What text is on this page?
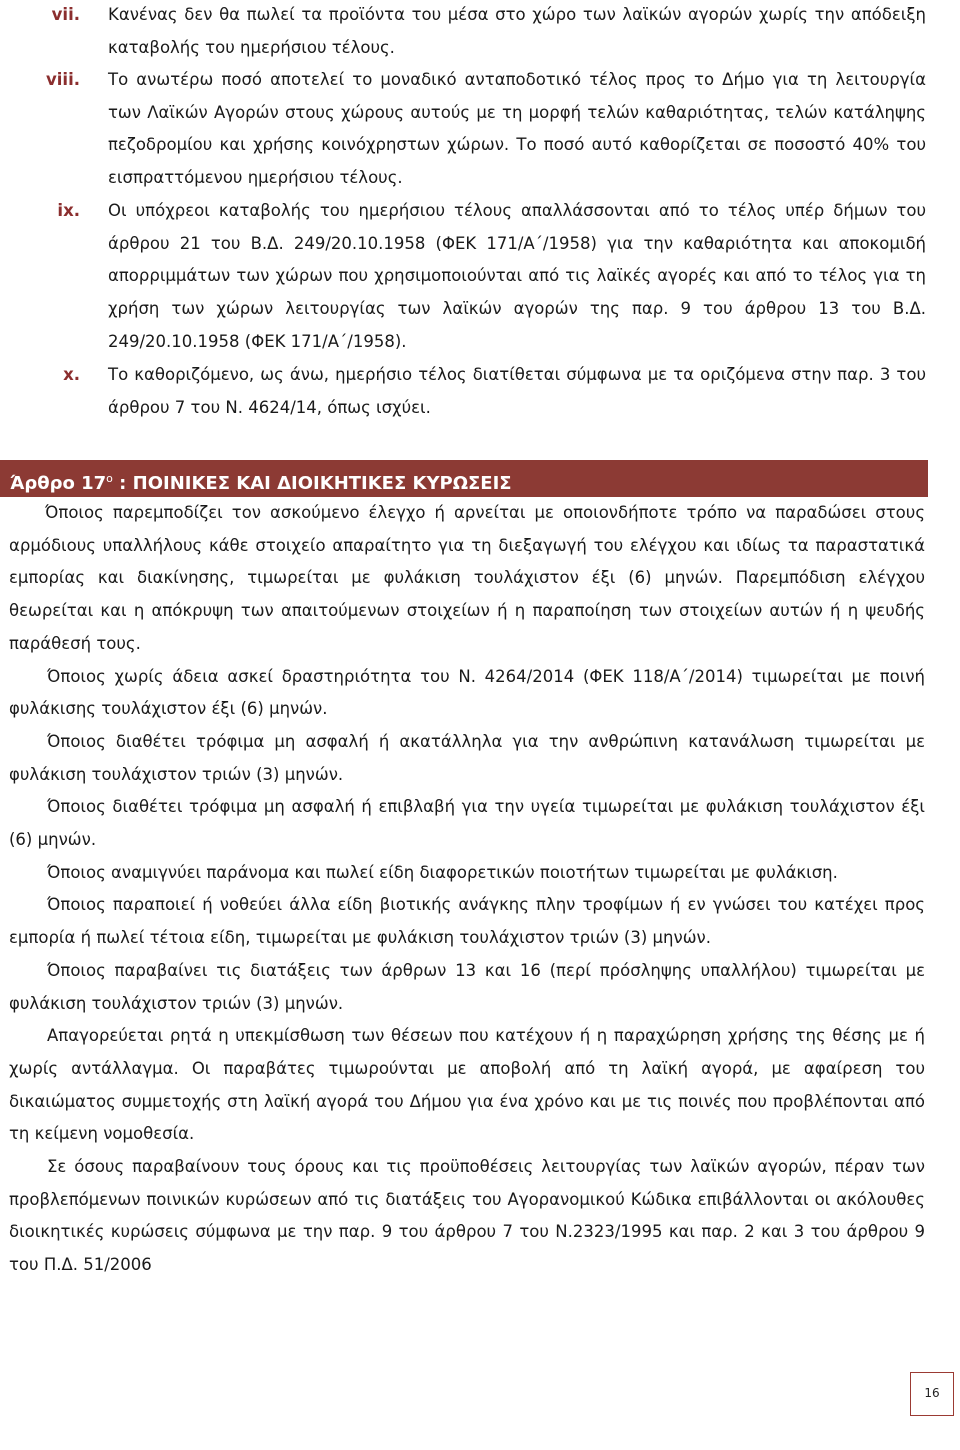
vii. Κανένας δεν θα πωλεί τα προϊόντα του μέσα στο χώρο των λαϊκών αγορών χωρίς την απόδειξη καταβολής του ημερήσιου τέλους.
viii. Το ανωτέρω ποσό αποτελεί το μοναδικό ανταποδοτικό τέλος προς το Δήμο για τη λειτουργία των Λαϊκών Αγορών στους χώρους αυτούς με τη μορφή τελών καθαριότητας, τελών κατάληψης πεζοδρομίου και χρήσης κοινόχρηστων χώρων. Το ποσό αυτό καθορίζεται σε ποσοστό 40% του εισπραττόμενου ημερήσιου τέλους.
ix. Οι υπόχρεοι καταβολής του ημερήσιου τέλους απαλλάσσονται από το τέλος υπέρ δήμων του άρθρου 21 του Β.Δ. 249/20.10.1958 (ΦΕΚ 171/Α΄/1958) για την καθαριότητα και αποκομιδή απορριμμάτων των χώρων που χρησιμοποιούνται από τις λαϊκές αγορές και από το τέλος για τη χρήση των χώρων λειτουργίας των λαϊκών αγορών της παρ. 9 του άρθρου 13 του Β.Δ. 249/20.10.1958 (ΦΕΚ 171/Α΄/1958).
x. Το καθοριζόμενο, ως άνω, ημερήσιο τέλος διατίθεται σύμφωνα με τα οριζόμενα στην παρ. 3 του άρθρου 7 του Ν. 4624/14, όπως ισχύει.
Άρθρο $17^o$ : ΠΟΙΝΙΚΕΣ ΚΑΙ ΔΙΟΙΚΗΤΙΚΕΣ ΚΥΡΩΣΕΙΣ

Όποιος παρεμποδίζει τον ασκούμενο έλεγχο ή αρνείται με οποιονδήποτε τρόπο να παραδώσει στους αρμόδιους υπαλλήλους κάθε στοιχείο απαραίτητο για τη διεξαγωγή του ελέγχου και ιδίως τα παραστατικά εμπορίας και διακίνησης, τιμωρείται με φυλάκιση τουλάχιστον έξι (6) μηνών. Παρεμπόδιση ελέγχου θεωρείται και η απόκρυψη των απαιτούμενων στοιχείων ή η παραποίηση των στοιχείων αυτών ή η ψευδής παράθεσή τους.

Όποιος χωρίς άδεια ασκεί δραστηριότητα του Ν. 4264/2014 (ΦΕΚ 118/Α΄/2014) τιμωρείται με ποινή φυλάκισης τουλάχιστον έξι (6) μηνών.

Όποιος διαθέτει τρόφιμα μη ασφαλή ή ακατάλληλα για την ανθρώπινη κατανάλωση τιμωρείται με φυλάκιση τουλάχιστον τριών (3) μηνών.

Όποιος διαθέτει τρόφιμα μη ασφαλή ή επιβλαβή για την υγεία τιμωρείται με φυλάκιση τουλάχιστον έξι (6) μηνών.

Όποιος αναμιγνύει παράνομα και πωλεί είδη διαφορετικών ποιοτήτων τιμωρείται με φυλάκιση.

Όποιος παραποιεί ή νοθεύει άλλα είδη βιοτικής ανάγκης πλην τροφίμων ή εν γνώσει του κατέχει προς εμπορία ή πωλεί τέτοια είδη, τιμωρείται με φυλάκιση τουλάχιστον τριών (3) μηνών.

Όποιος παραβαίνει τις διατάξεις των άρθρων 13 και 16 (περί πρόσληψης υπαλλήλου) τιμωρείται με φυλάκιση τουλάχιστον τριών (3) μηνών.

Απαγορεύεται ρητά η υπεκμίσθωση των θέσεων που κατέχουν ή η παραχώρηση χρήσης της θέσης με ή χωρίς αντάλλαγμα. Οι παραβάτες τιμωρούνται με αποβολή από τη λαϊκή αγορά, με αφαίρεση του δικαιώματος συμμετοχής στη λαϊκή αγορά του Δήμου για ένα χρόνο και με τις ποινές που προβλέπονται από τη κείμενη νομοθεσία.

Σε όσους παραβαίνουν τους όρους και τις προϋποθέσεις λειτουργίας των λαϊκών αγορών, πέραν των προβλεπόμενων ποινικών κυρώσεων από τις διατάξεις του Αγορανομικού Κώδικα επιβάλλονται οι ακόλουθες διοικητικές κυρώσεις σύμφωνα με την παρ. 9 του άρθρου 7 του Ν.2323/1995 και παρ. 2 και 3 του άρθρου 9 του Π.Δ. 51/2006

16
